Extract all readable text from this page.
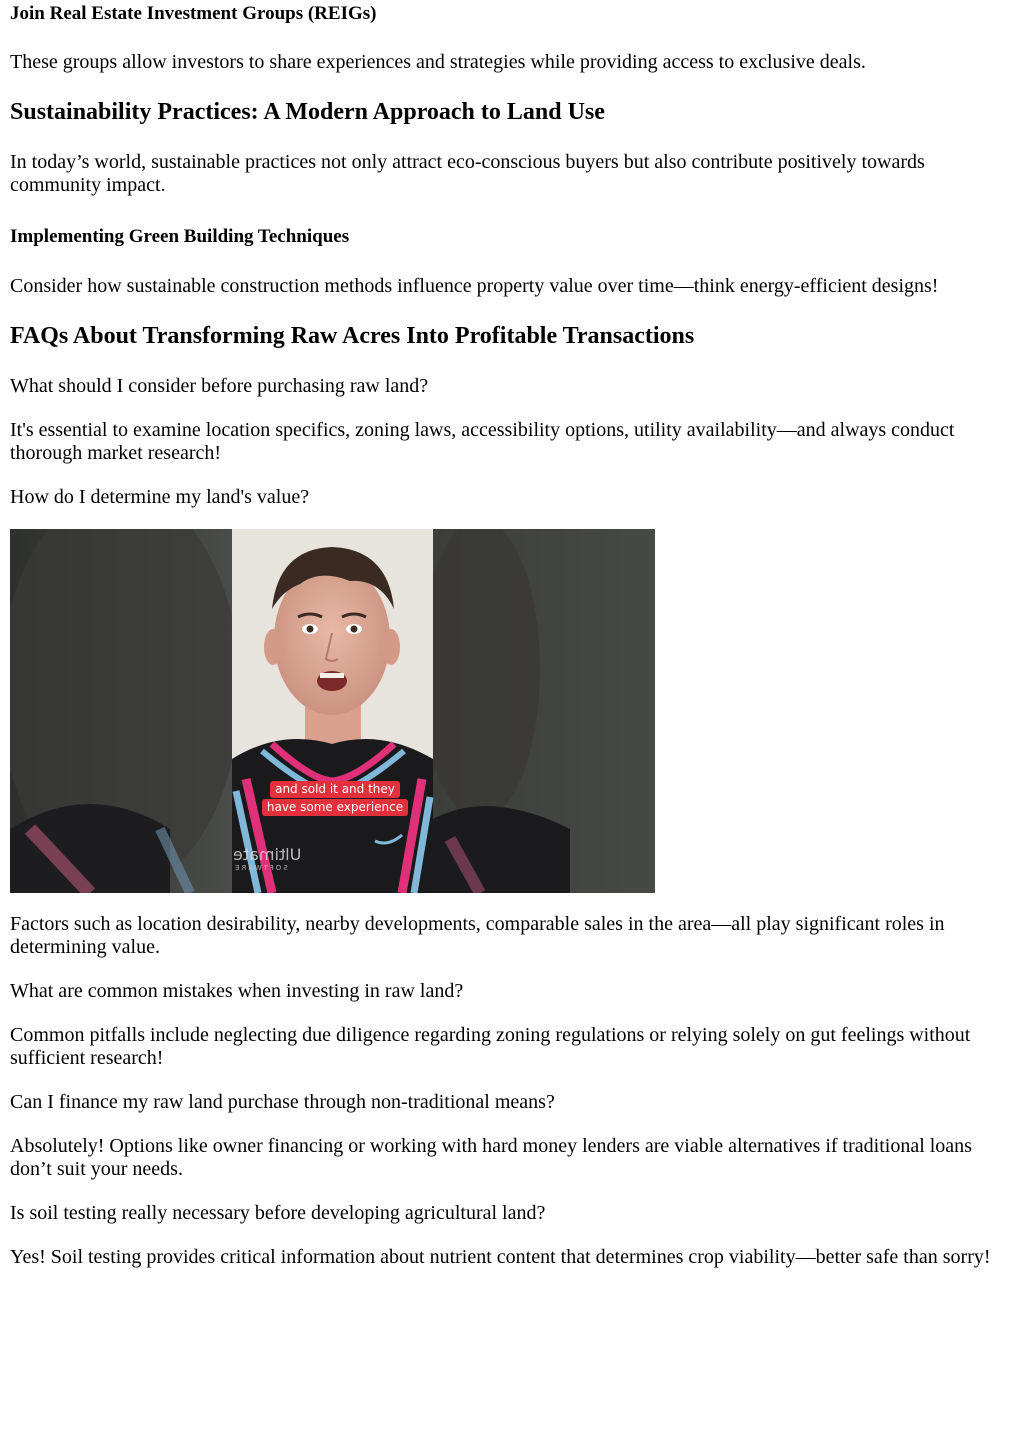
Join Real Estate Investment Groups (REIGs)

These groups allow investors to share experiences and strategies while providing access to exclusive deals.

Sustainability Practices: A Modern Approach to Land Use

In today’s world, sustainable practices not only attract eco-conscious buyers but also contribute positively towards community impact.

Implementing Green Building Techniques

Consider how sustainable construction methods influence property value over time—think energy-efficient designs!

FAQs About Transforming Raw Acres Into Profitable Transactions

What should I consider before purchasing raw land?

It's essential to examine location specifics, zoning laws, accessibility options, utility availability—and always conduct thorough market research!

How do I determine my land's value?

and sold it and they
have some experience
Ultimate
SOFTWARE

Factors such as location desirability, nearby developments, comparable sales in the area—all play significant roles in determining value.

What are common mistakes when investing in raw land?

Common pitfalls include neglecting due diligence regarding zoning regulations or relying solely on gut feelings without sufficient research!

Can I finance my raw land purchase through non-traditional means?

Absolutely! Options like owner financing or working with hard money lenders are viable alternatives if traditional loans don’t suit your needs.

Is soil testing really necessary before developing agricultural land?

Yes! Soil testing provides critical information about nutrient content that determines crop viability—better safe than sorry!
